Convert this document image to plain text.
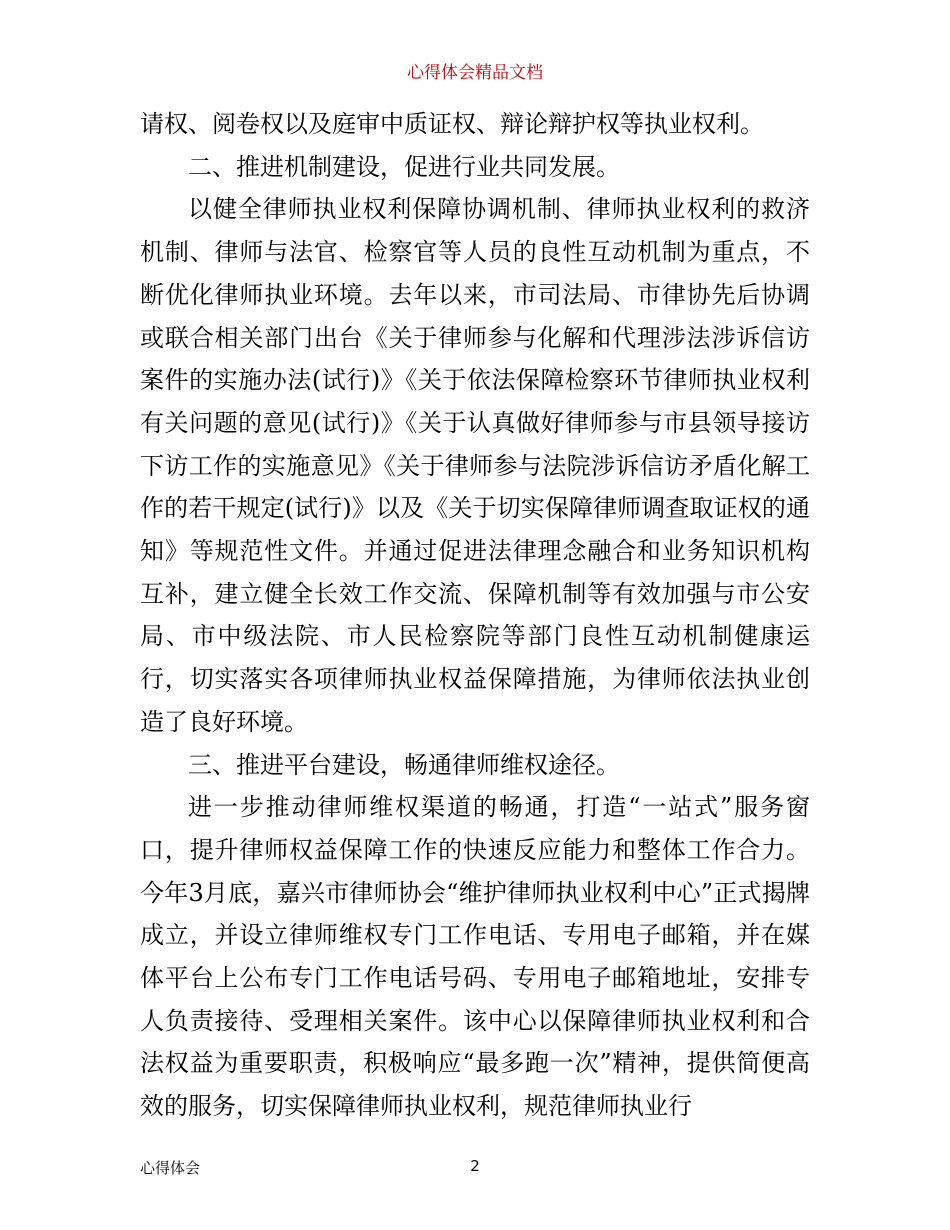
心得体会精品文档

请权、阅卷权以及庭审中质证权、辩论辩护权等执业权利。

二、推进机制建设，促进行业共同发展。

以健全律师执业权利保障协调机制、律师执业权利的救济机制、律师与法官、检察官等人员的良性互动机制为重点，不断优化律师执业环境。去年以来，市司法局、市律协先后协调或联合相关部门出台《关于律师参与化解和代理涉法涉诉信访案件的实施办法(试行)》《关于依法保障检察环节律师执业权利有关问题的意见(试行)》《关于认真做好律师参与市县领导接访下访工作的实施意见》《关于律师参与法院涉诉信访矛盾化解工作的若干规定(试行)》以及《关于切实保障律师调查取证权的通知》等规范性文件。并通过促进法律理念融合和业务知识机构互补，建立健全长效工作交流、保障机制等有效加强与市公安局、市中级法院、市人民检察院等部门良性互动机制健康运行，切实落实各项律师执业权益保障措施，为律师依法执业创造了良好环境。

三、推进平台建设，畅通律师维权途径。

进一步推动律师维权渠道的畅通，打造“一站式”服务窗口，提升律师权益保障工作的快速反应能力和整体工作合力。今年3月底，嘉兴市律师协会“维护律师执业权利中心”正式揭牌成立，并设立律师维权专门工作电话、专用电子邮箱，并在媒体平台上公布专门工作电话号码、专用电子邮箱地址，安排专人负责接待、受理相关案件。该中心以保障律师执业权利和合法权益为重要职责，积极响应“最多跑一次”精神，提供简便高效的服务，切实保障律师执业权利，规范律师执业行

心得体会	2
